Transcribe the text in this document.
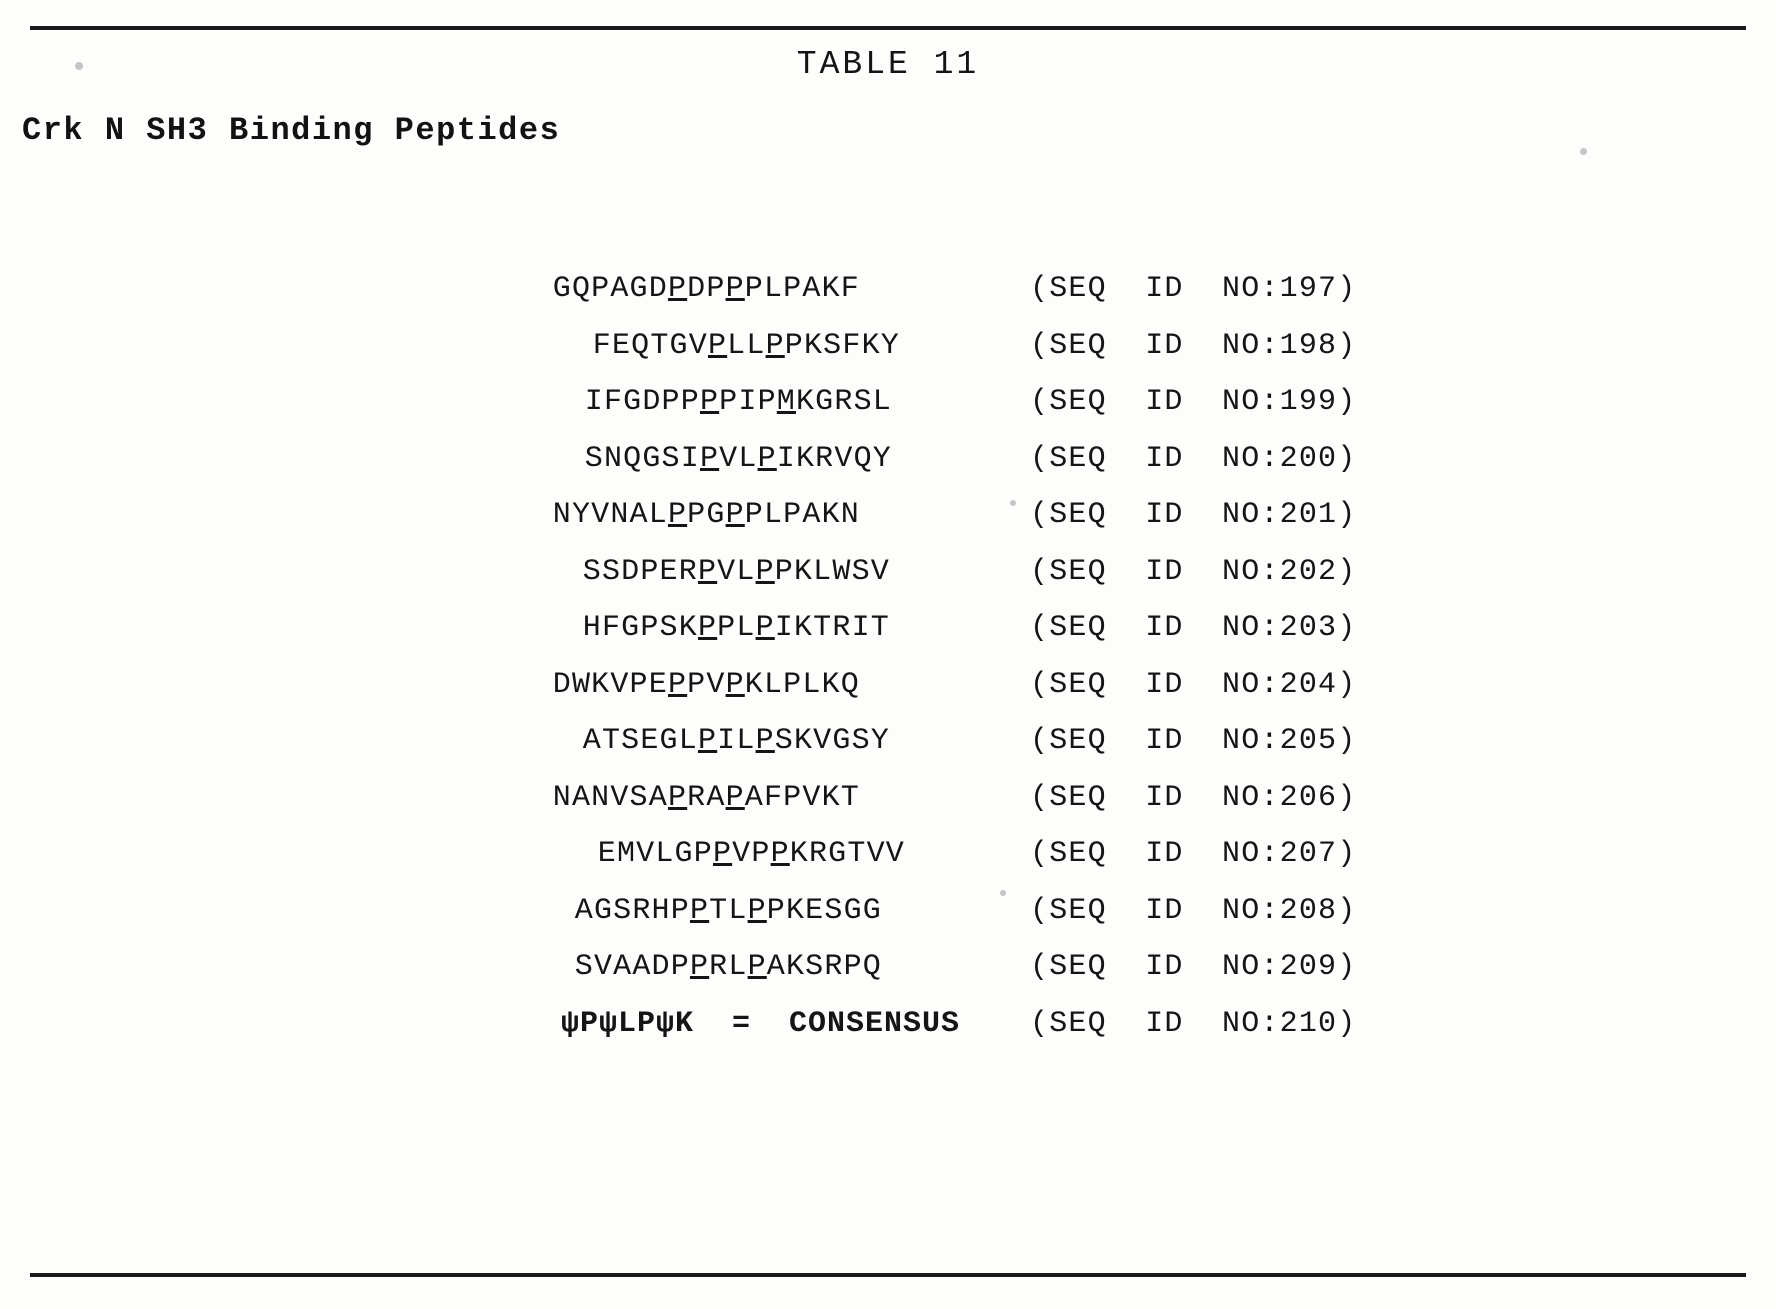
TABLE 11
Crk N SH3 Binding Peptides

GQPAGDPDPPPLPAKF

	(SEQ  ID  NO:197)

FEQTGVPLLPPKSFKY

	(SEQ  ID  NO:198)

IFGDPPPPIPMKGRSL

	(SEQ  ID  NO:199)

SNQGSIPVLPIKRVQY

	(SEQ  ID  NO:200)

NYVNALPPGPPLPAKN

	(SEQ  ID  NO:201)

SSDPERPVLPPKLWSV

	(SEQ  ID  NO:202)

HFGPSKPPLPIKTRIT

	(SEQ  ID  NO:203)

DWKVPEPPVPKLPLKQ

	(SEQ  ID  NO:204)

ATSEGLPILPSKVGSY

	(SEQ  ID  NO:205)

NANVSAPRAPAFPVKT

	(SEQ  ID  NO:206)

EMVLGPPVPPKRGTVV

	(SEQ  ID  NO:207)

AGSRHPPTLPPKESGG

	(SEQ  ID  NO:208)

SVAADPPRLPAKSRPQ

	(SEQ  ID  NO:209)

ψPψLPψK  =  CONSENSUS

(SEQ  ID  NO:210)
